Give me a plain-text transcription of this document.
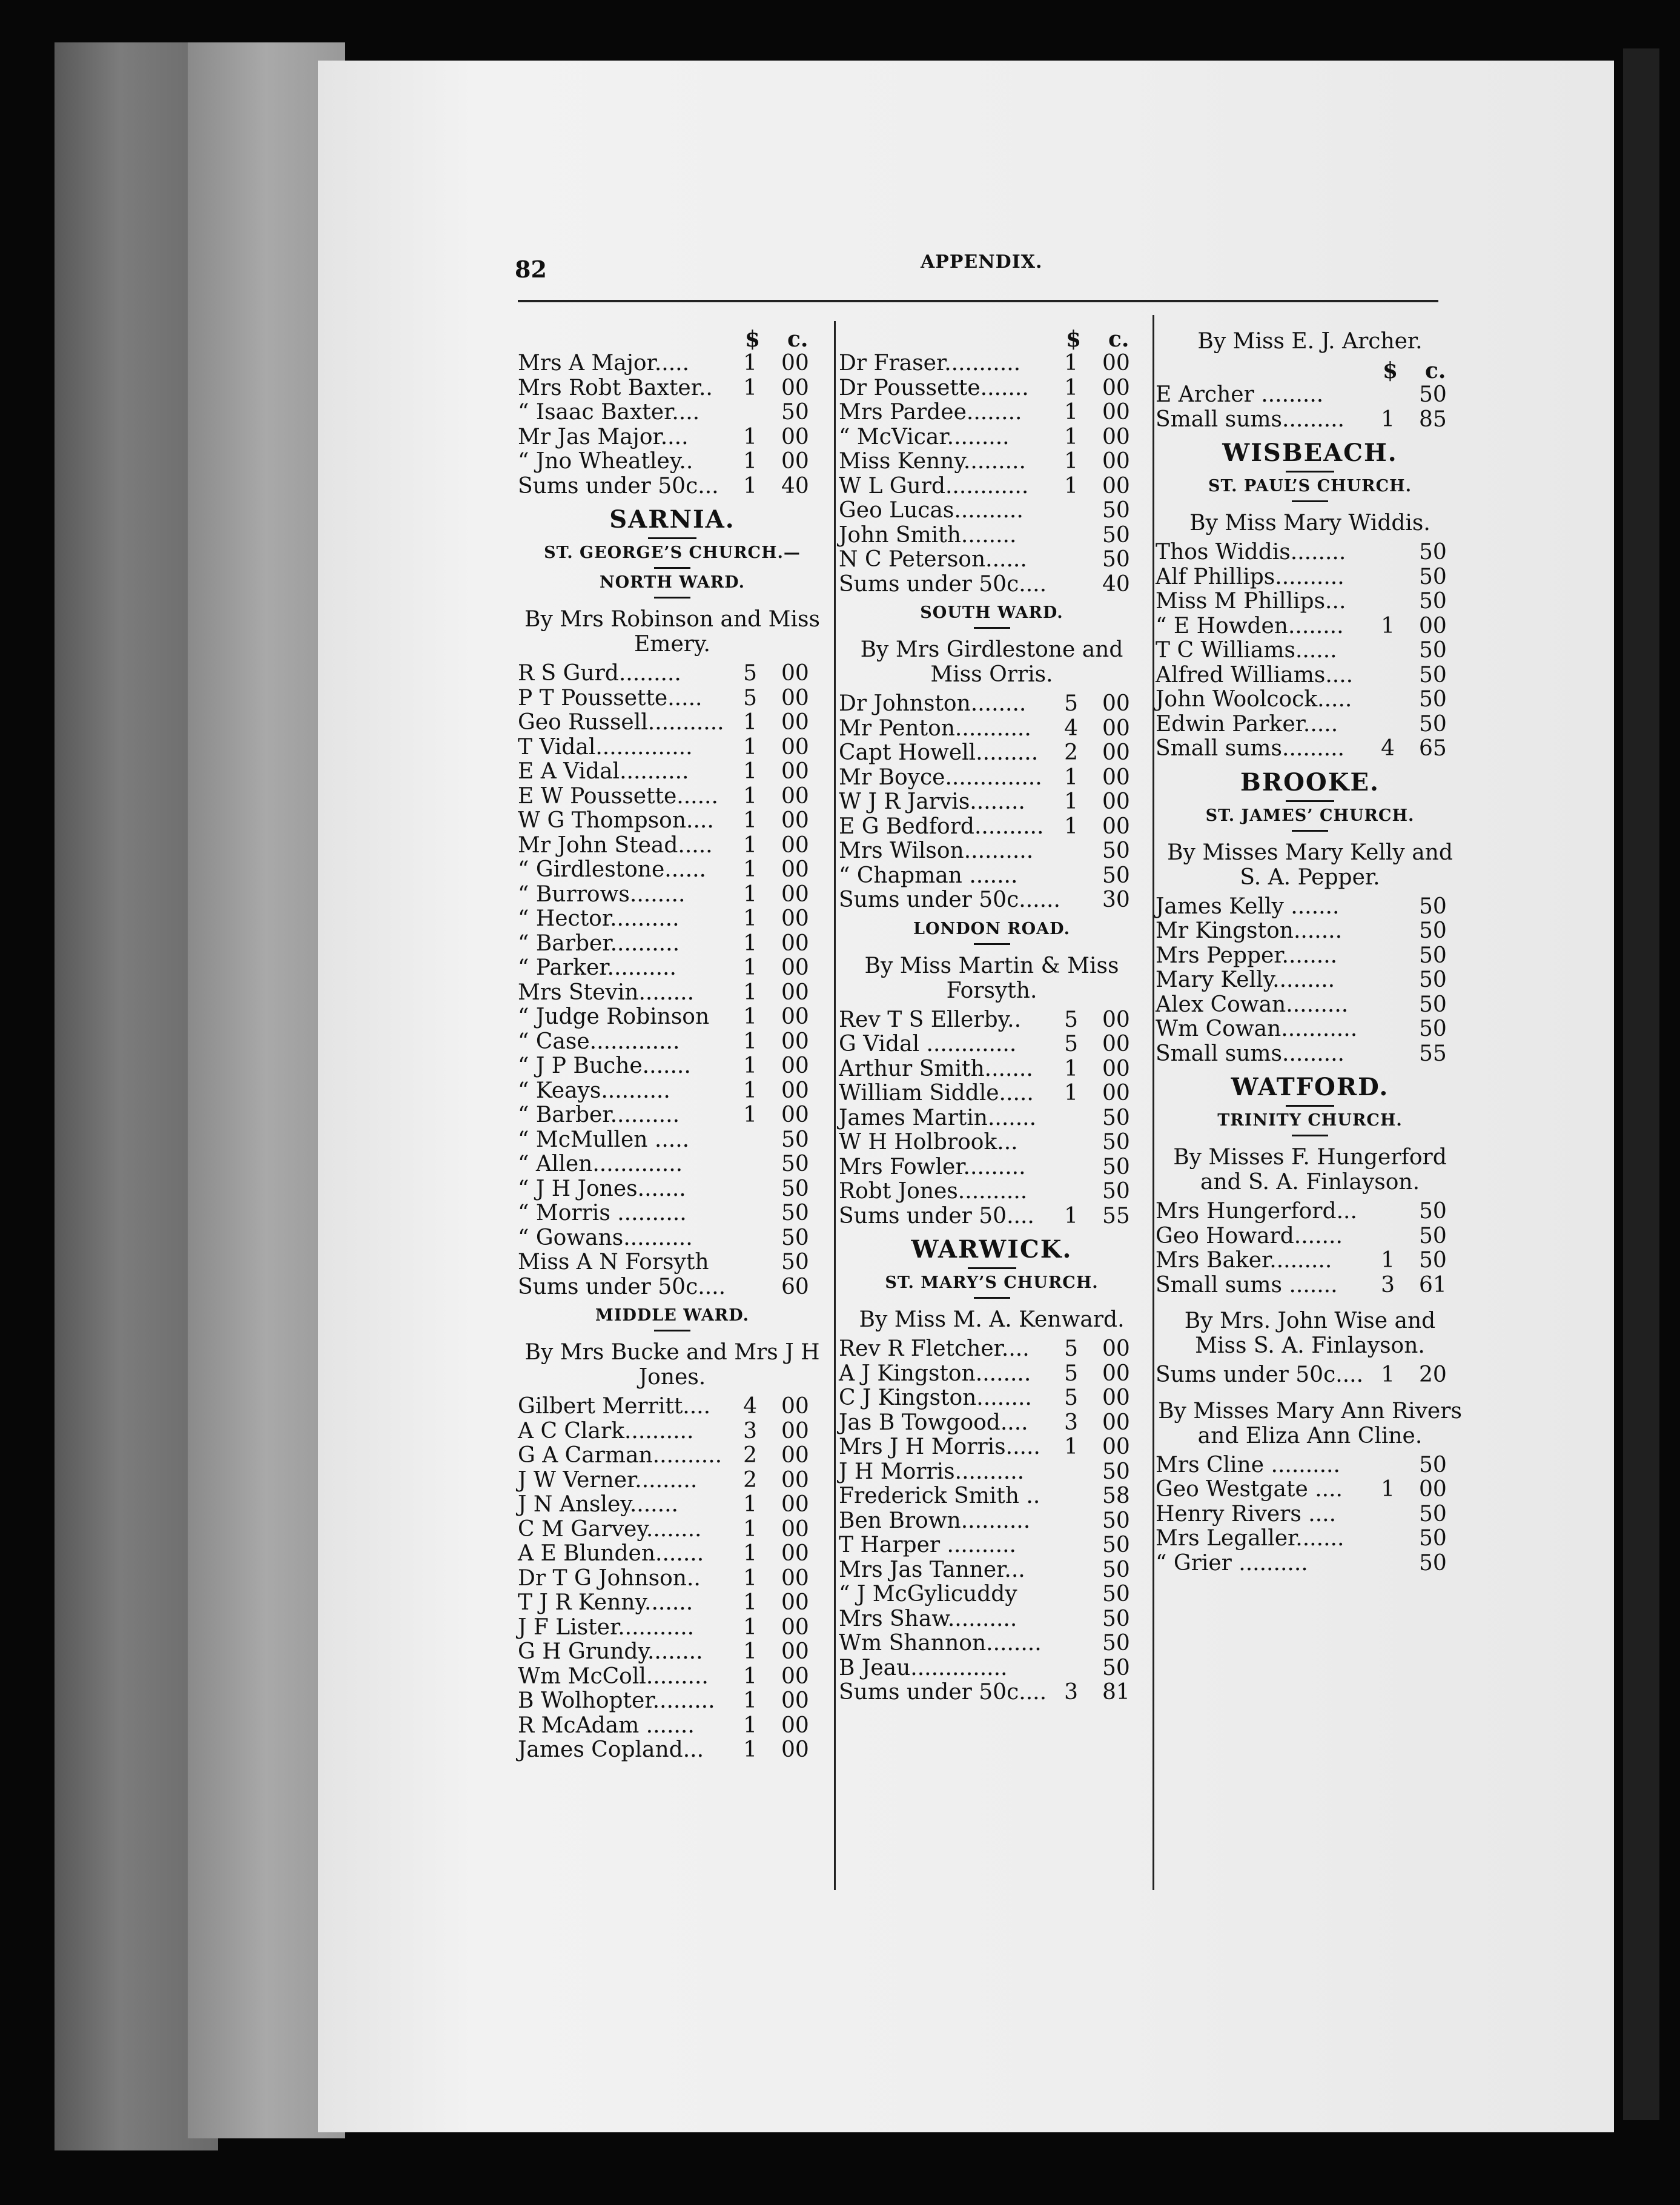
82	APPENDIX.
$ c.
Mrs A Major.....	1 00
Mrs Robt Baxter..	1 00
“ Isaac Baxter....	50
Mr Jas Major....	1 00
“ Jno Wheatley..	1 00
Sums under 50c...	1 40
SARNIA.
ST. GEORGE’S CHURCH.—
NORTH WARD.
By Mrs Robinson and Miss Emery.
R S Gurd.........	5 00
P T Poussette.....	5 00
Geo Russell........... 1 00
T Vidal..............	1 00
E A Vidal..........	1 00
E W Poussette......	1 00
W G Thompson....	1 00
Mr John Stead.....	1 00
“ Girdlestone......	1 00
“ Burrows........	1 00
“ Hector..........	1 00
“ Barber..........	1 00
“ Parker..........	1 00
Mrs Stevin........	1 00
“ Judge Robinson	1 00
“ Case.............	1 00
“ J P Buche.......	1 00
“ Keays..........	1 00
“ Barber..........	1 00
“ McMullen .....	50
“ Allen.............	50
“ J H Jones.......	50
“ Morris ..........	50
“ Gowans..........	50
Miss A N Forsyth	50
Sums under 50c....	60
MIDDLE WARD.
By Mrs Bucke and Mrs J H Jones.
Gilbert Merritt....	4 00
A C Clark..........	3 00
G A Carman.......... 2 00
J W Verner.........	2 00
J N Ansley.......	1 00
C M Garvey........	1 00
A E Blunden.......	1 00
Dr T G Johnson..	1 00
T J R Kenny.......	1 00
J F Lister...........	1 00
G H Grundy........	1 00
Wm McColl.........	1 00
B Wolhopter.........	1 00
R McAdam .......	1 00
James Copland...	1 00
$ c.
Dr Fraser...........	1 00
Dr Poussette.......	1 00
Mrs Pardee........	1 00
“ McVicar.........	1 00
Miss Kenny.........	1 00
W L Gurd............	1 00
Geo Lucas..........	50
John Smith........	50
N C Peterson......	50
Sums under 50c....	40
SOUTH WARD.
By Mrs Girdlestone and Miss Orris.
Dr Johnston........	5 00
Mr Penton...........	4 00
Capt Howell.........	2 00
Mr Boyce..............	1 00
W J R Jarvis........	1 00
E G Bedford.......... 1 00
Mrs Wilson..........	50
“ Chapman .......	50
Sums under 50c...... 30
LONDON ROAD.
By Miss Martin & Miss Forsyth.
Rev T S Ellerby..	5 00
G Vidal .............	5 00
Arthur Smith.......	1 00
William Siddle.....	1 00
James Martin.......	50
W H Holbrook...	50
Mrs Fowler.........	50
Robt Jones..........	50
Sums under 50....	1 55
WARWICK.
ST. MARY’S CHURCH.
By Miss M. A. Kenward.
Rev R Fletcher....	5 00
A J Kingston........	5 00
C J Kingston........	5 00
Jas B Towgood....	3 00
Mrs J H Morris.....	1 00
J H Morris..........	50
Frederick Smith ..	58
Ben Brown..........	50
T Harper ..........	50
Mrs Jas Tanner...	50
“ J McGylicuddy	50
Mrs Shaw..........	50
Wm Shannon........	50
B Jeau..............	50
Sums under 50c.... 3 81
By Miss E. J. Archer.
$ c.
E Archer .........	50
Small sums.........	1 85
WISBEACH.
ST. PAUL’S CHURCH.
By Miss Mary Widdis.
Thos Widdis........	50
Alf Phillips..........	50
Miss M Phillips...	50
“ E Howden........	1 00
T C Williams......	50
Alfred Williams....	50
John Woolcock.....	50
Edwin Parker.....	50
Small sums.........	4 65
BROOKE.
ST. JAMES’ CHURCH.
By Misses Mary Kelly and S. A. Pepper.
James Kelly .......	50
Mr Kingston.......	50
Mrs Pepper........	50
Mary Kelly.........	50
Alex Cowan.........	50
Wm Cowan...........	50
Small sums.........	55
WATFORD.
TRINITY CHURCH.
By Misses F. Hungerford and S. A. Finlayson.
Mrs Hungerford...	50
Geo Howard.......	50
Mrs Baker.........	1 50
Small sums .......	3 61
By Mrs. John Wise and Miss S. A. Finlayson.
Sums under 50c.... 1 20
By Misses Mary Ann Rivers and Eliza Ann Cline.
Mrs Cline ..........	50
Geo Westgate ....	1 00
Henry Rivers ....	50
Mrs Legaller.......	50
“ Grier ..........	50
